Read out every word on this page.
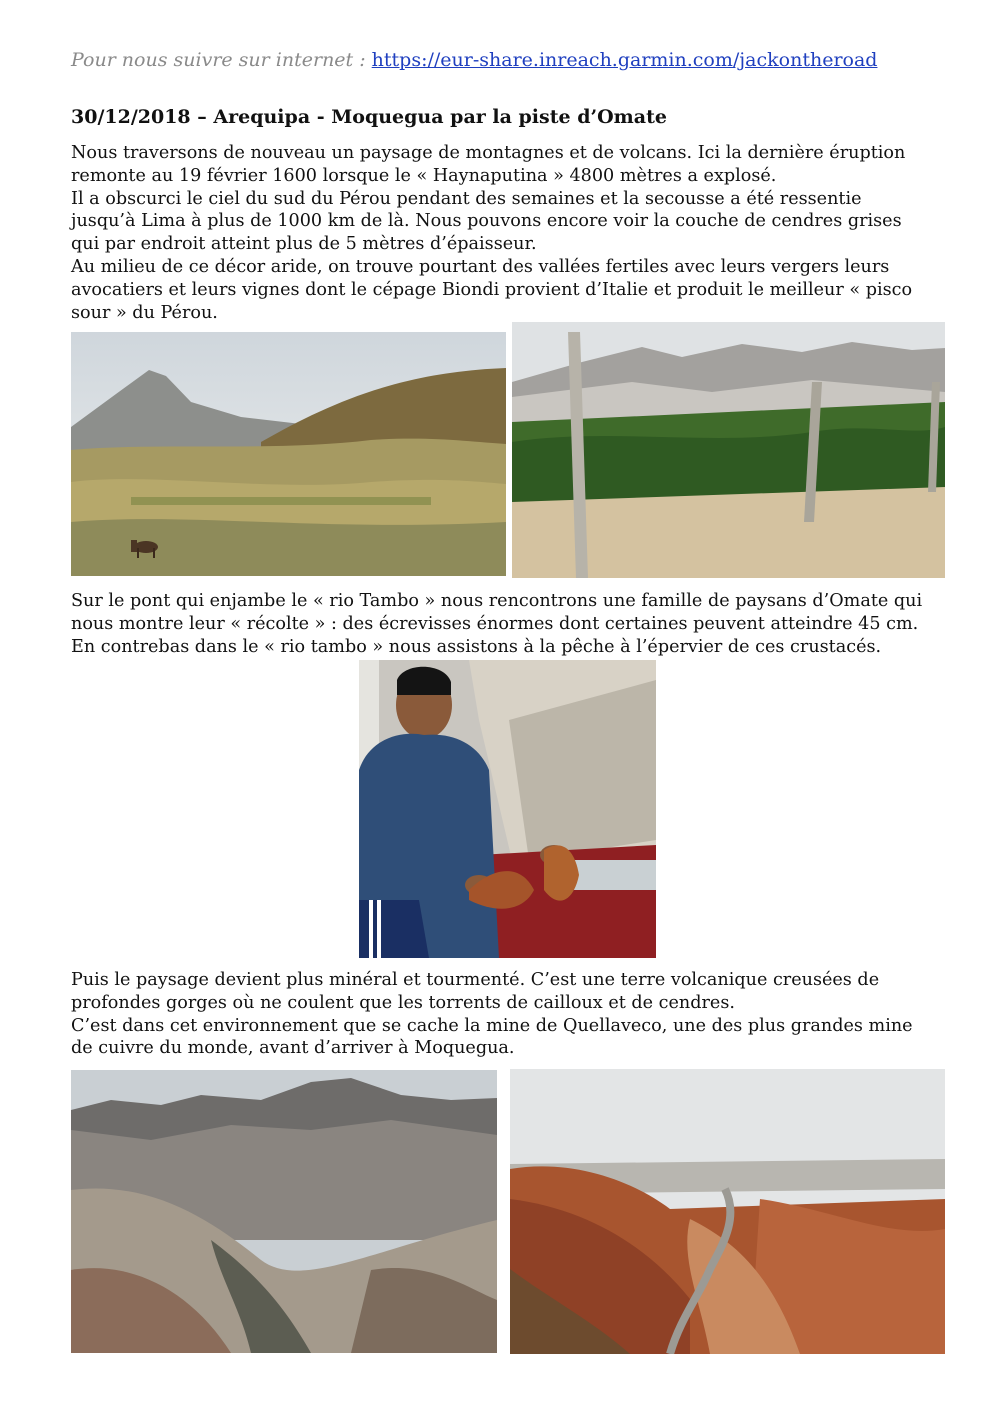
Pour nous suivre sur internet : https://eur-share.inreach.garmin.com/jackontheroad
30/12/2018 – Arequipa - Moquegua par la piste d’Omate

Nous traversons de nouveau un paysage de montagnes et de volcans. Ici la dernière éruption remonte au 19 février 1600 lorsque le « Haynaputina » 4800 mètres a explosé.

Il a obscurci le ciel du sud du Pérou pendant des semaines et la secousse a été ressentie jusqu’à Lima à plus de 1000 km de là. Nous pouvons encore voir la couche de cendres grises qui par endroit atteint plus de 5 mètres d’épaisseur.

Au milieu de ce décor aride, on trouve pourtant des vallées fertiles avec leurs vergers leurs avocatiers et leurs vignes dont le cépage Biondi provient d’Italie et produit le meilleur « pisco sour » du Pérou.

Sur le pont qui enjambe le « rio Tambo » nous rencontrons une famille de paysans d’Omate qui nous montre leur « récolte » : des écrevisses énormes dont certaines peuvent atteindre 45 cm. En contrebas dans le « rio tambo » nous assistons à la pêche à l’épervier de ces crustacés.

Puis le paysage devient plus minéral et tourmenté. C’est une terre volcanique creusées de profondes gorges où ne coulent que les torrents de cailloux et de cendres.

C’est dans cet environnement que se cache la mine de Quellaveco, une des plus grandes mine de cuivre du monde, avant d’arriver à Moquegua.
